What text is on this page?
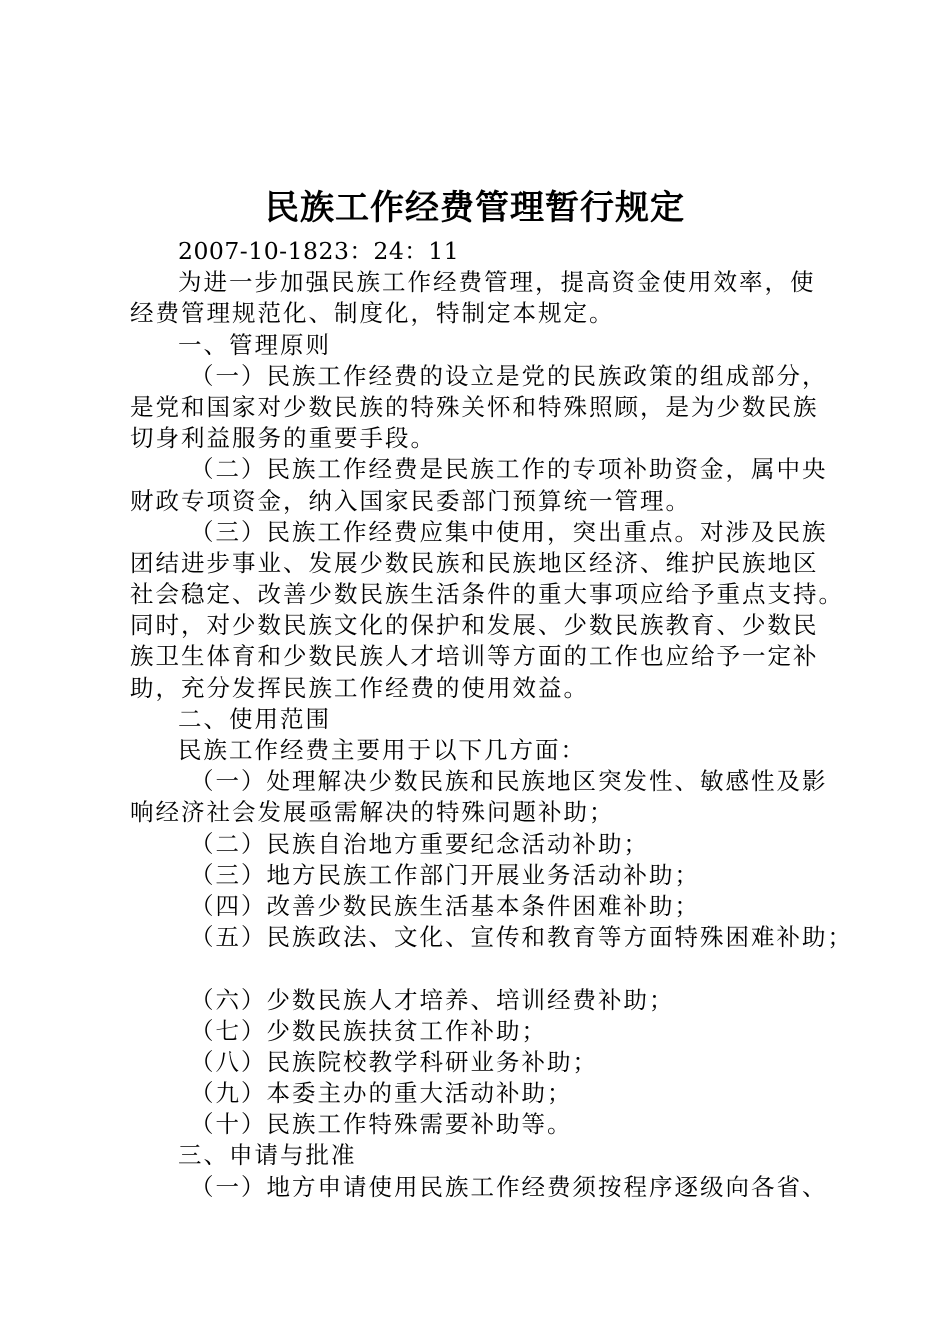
民族工作经费管理暂行规定
2007-10-1823：24：11
为进一步加强民族工作经费管理，提高资金使用效率，使
经费管理规范化、制度化，特制定本规定。
一、管理原则
（一）民族工作经费的设立是党的民族政策的组成部分，
是党和国家对少数民族的特殊关怀和特殊照顾，是为少数民族
切身利益服务的重要手段。
（二）民族工作经费是民族工作的专项补助资金，属中央
财政专项资金，纳入国家民委部门预算统一管理。
（三）民族工作经费应集中使用，突出重点。对涉及民族
团结进步事业、发展少数民族和民族地区经济、维护民族地区
社会稳定、改善少数民族生活条件的重大事项应给予重点支持。
同时，对少数民族文化的保护和发展、少数民族教育、少数民
族卫生体育和少数民族人才培训等方面的工作也应给予一定补
助，充分发挥民族工作经费的使用效益。
二、使用范围
民族工作经费主要用于以下几方面：
（一）处理解决少数民族和民族地区突发性、敏感性及影
响经济社会发展亟需解决的特殊问题补助；
（二）民族自治地方重要纪念活动补助；
（三）地方民族工作部门开展业务活动补助；
（四）改善少数民族生活基本条件困难补助；
（五）民族政法、文化、宣传和教育等方面特殊困难补助；
（六）少数民族人才培养、培训经费补助；
（七）少数民族扶贫工作补助；
（八）民族院校教学科研业务补助；
（九）本委主办的重大活动补助；
（十）民族工作特殊需要补助等。
三、申请与批准
（一）地方申请使用民族工作经费须按程序逐级向各省、
